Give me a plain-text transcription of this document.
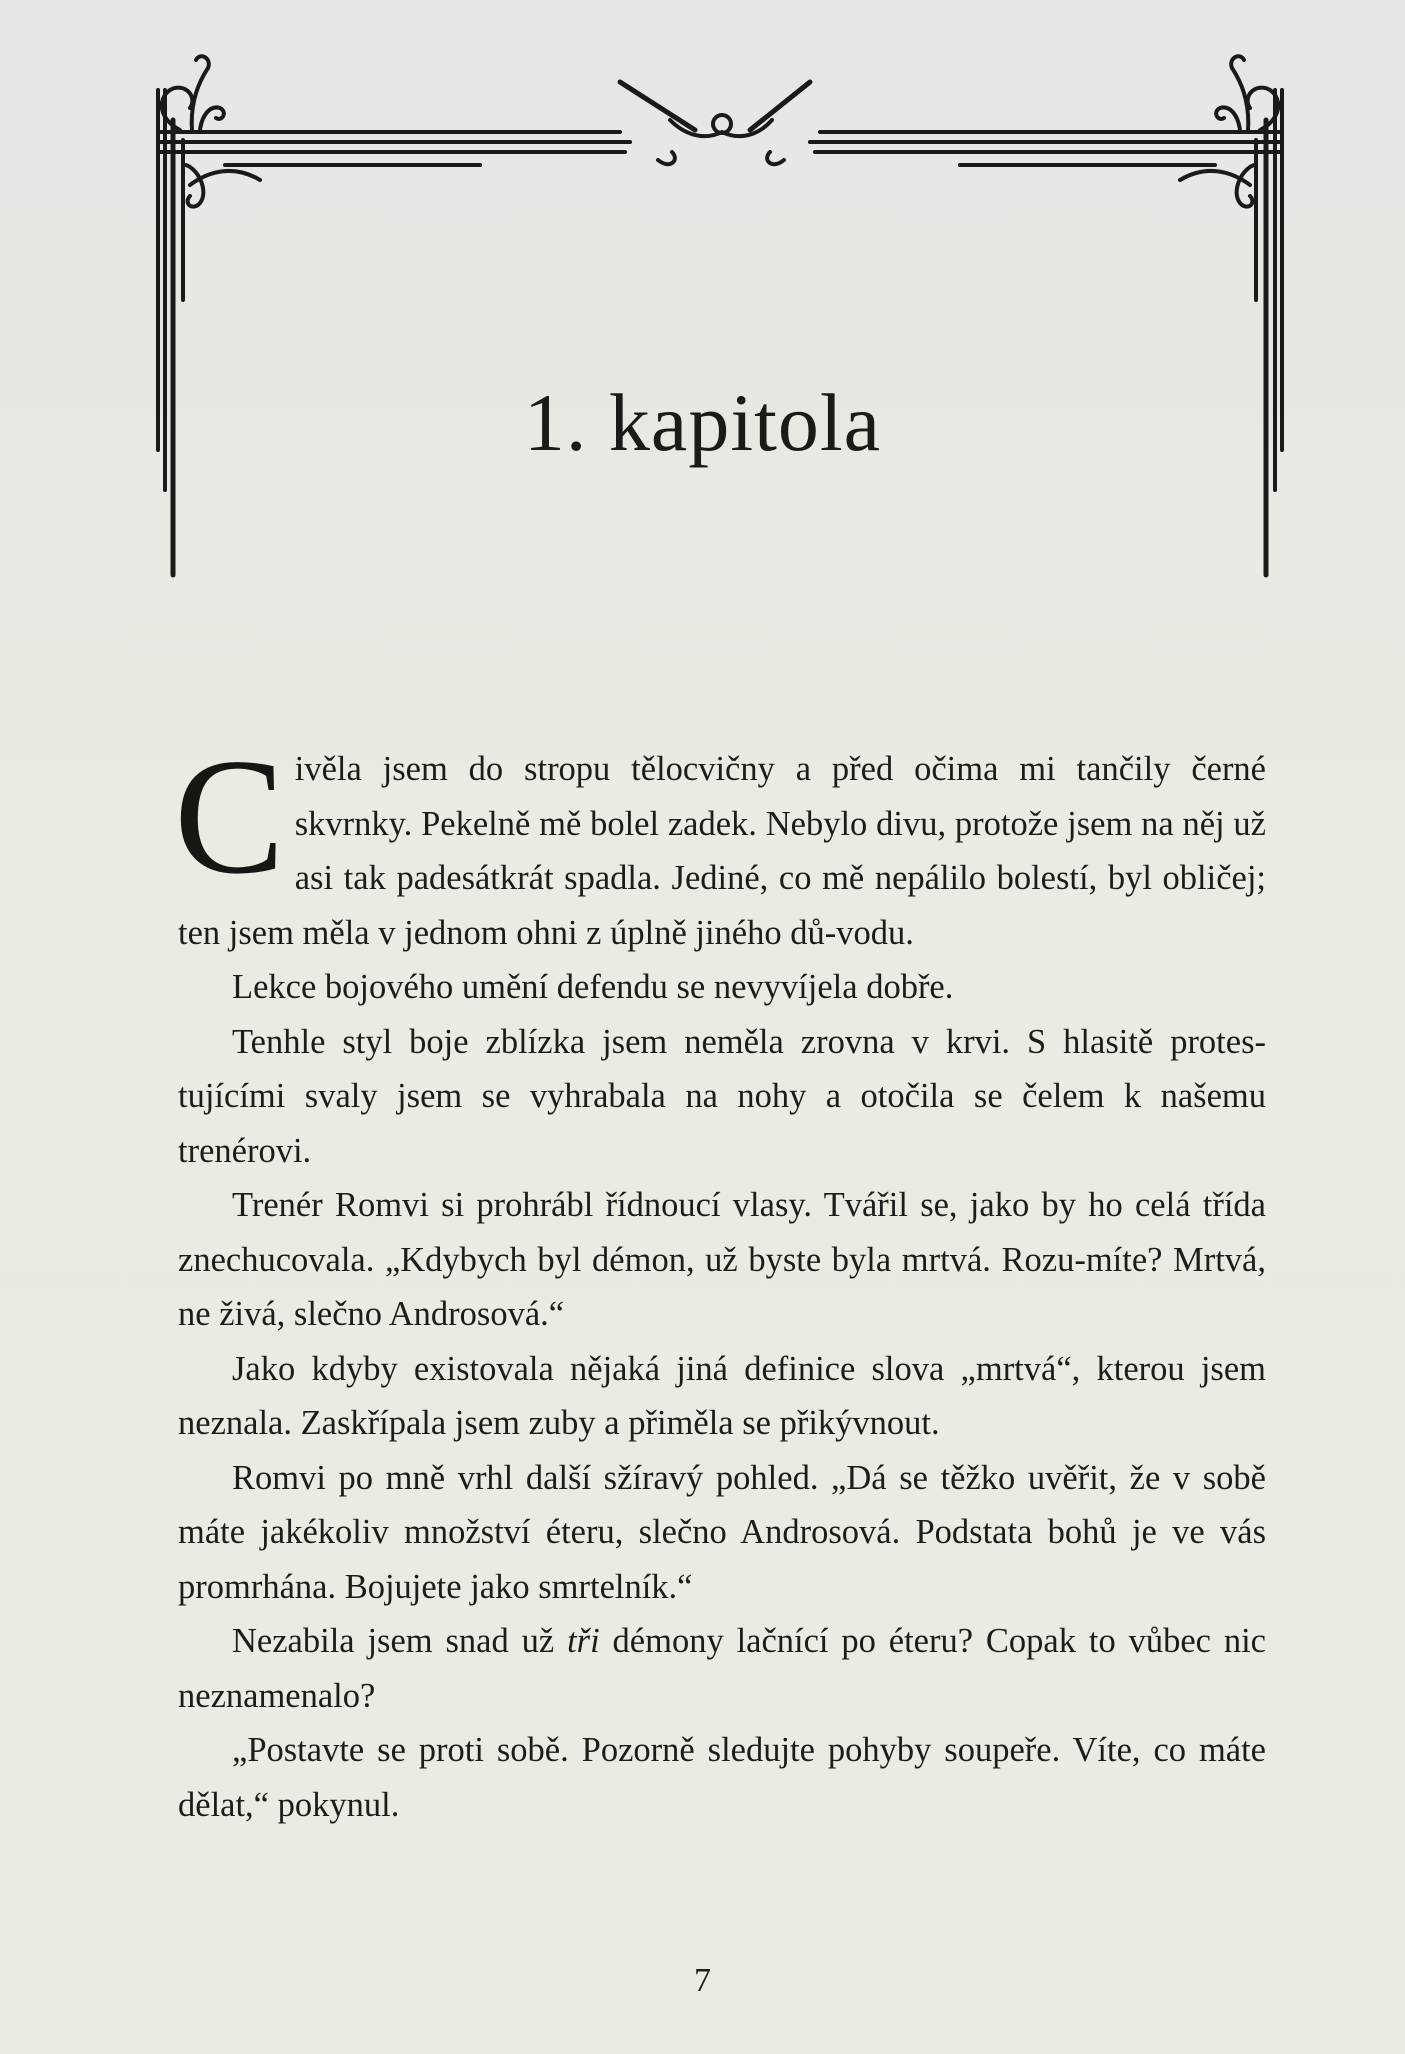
1. kapitola

Civěla jsem do stropu tělocvičny a před očima mi tančily černé skvrnky. Pekelně mě bolel zadek. Nebylo divu, protože jsem na něj už asi tak padesátkrát spadla. Jediné, co mě nepálilo bolestí, byl obličej; ten jsem měla v jednom ohni z úplně jiného dů-vodu.

Lekce bojového umění defendu se nevyvíjela dobře.

Tenhle styl boje zblízka jsem neměla zrovna v krvi. S hlasitě protes-tujícími svaly jsem se vyhrabala na nohy a otočila se čelem k našemu trenérovi.

Trenér Romvi si prohrábl řídnoucí vlasy. Tvářil se, jako by ho celá třída znechucovala. „Kdybych byl démon, už byste byla mrtvá. Rozu-míte? Mrtvá, ne živá, slečno Androsová.“

Jako kdyby existovala nějaká jiná definice slova „mrtvá“, kterou jsem neznala. Zaskřípala jsem zuby a přiměla se přikývnout.

Romvi po mně vrhl další sžíravý pohled. „Dá se těžko uvěřit, že v sobě máte jakékoliv množství éteru, slečno Androsová. Podstata bohů je ve vás promrhána. Bojujete jako smrtelník.“

Nezabila jsem snad už tři démony lačnící po éteru? Copak to vůbec nic neznamenalo?

„Postavte se proti sobě. Pozorně sledujte pohyby soupeře. Víte, co máte dělat,“ pokynul.

7
